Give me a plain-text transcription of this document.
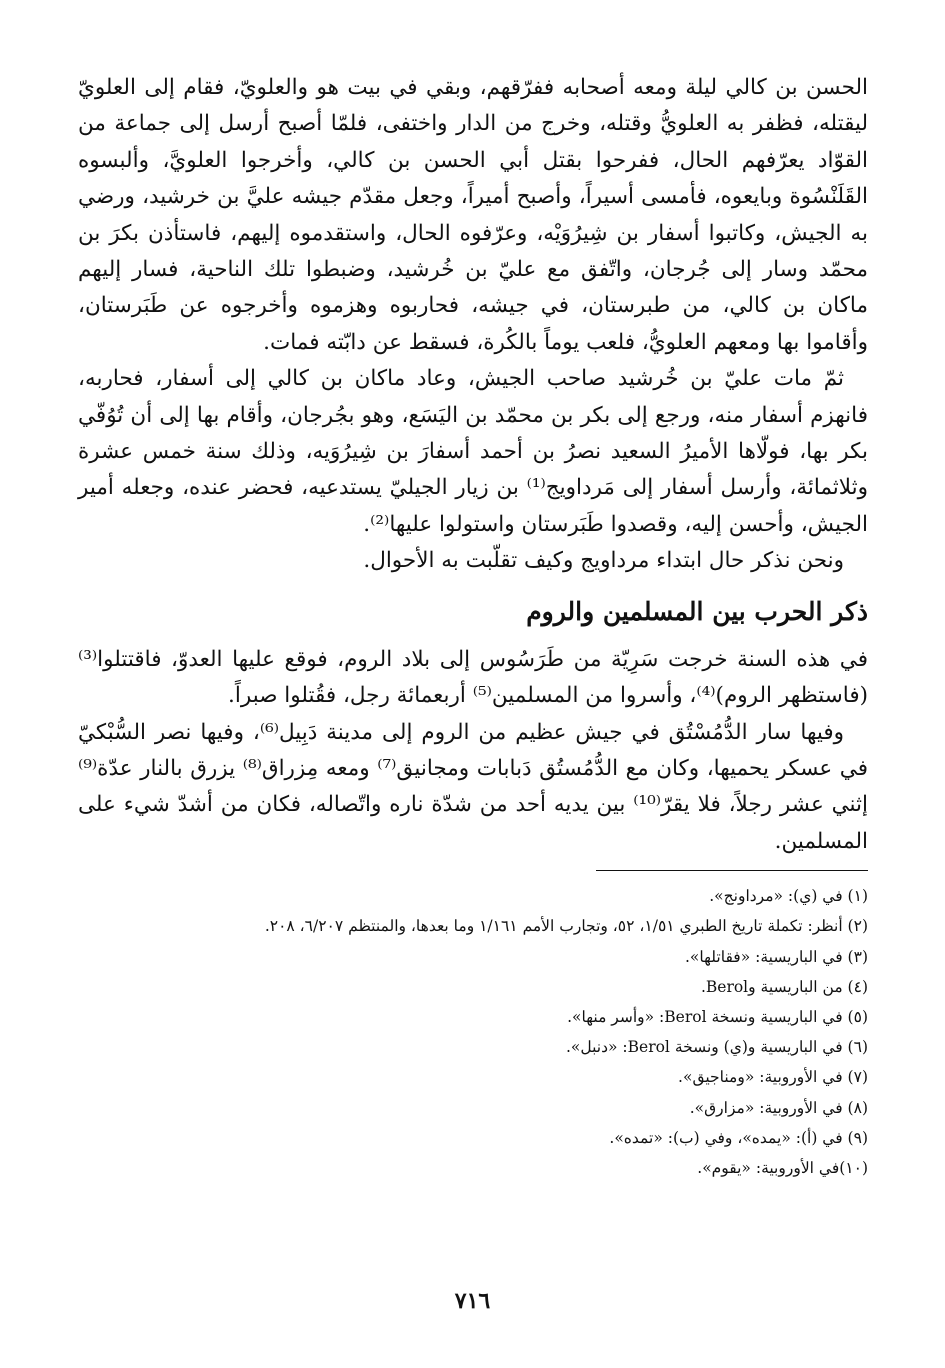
الحسن بن كالي ليلة ومعه أصحابه ففرّقهم، وبقي في بيت هو والعلويّ، فقام إلى العلويّ ليقتله، فظفر به العلويُّ وقتله، وخرج من الدار واختفى، فلمّا أصبح أرسل إلى جماعة من القوّاد يعرّفهم الحال، ففرحوا بقتل أبي الحسن بن كالي، وأخرجوا العلويَّ، وألبسوه القَلَنْسُوة وبايعوه، فأمسى أسيراً، وأصبح أميراً، وجعل مقدّم جيشه عليَّ بن خرشيد، ورضي به الجيش، وكاتبوا أسفار بن شِيرُوَيْه، وعرّفوه الحال، واستقدموه إليهم، فاستأذن بكرَ بن محمّد وسار إلى جُرجان، واتّفق مع عليّ بن خُرشيد، وضبطوا تلك الناحية، فسار إليهم ماكان بن كالي، من طبرستان، في جيشه، فحاربوه وهزموه وأخرجوه عن طَبَرستان، وأقاموا بها ومعهم العلويُّ، فلعب يوماً بالكُرة، فسقط عن دابّته فمات.

ثمّ مات عليّ بن خُرشيد صاحب الجيش، وعاد ماكان بن كالي إلى أسفار، فحاربه، فانهزم أسفار منه، ورجع إلى بكر بن محمّد بن اليَسَع، وهو بجُرجان، وأقام بها إلى أن تُوُفّي بكر بها، فولّاها الأميرُ السعيد نصرُ بن أحمد أسفارَ بن شِيرُوَيه، وذلك سنة خمس عشرة وثلاثمائة، وأرسل أسفار إلى مَرداويج⁽¹⁾ بن زيار الجيليّ يستدعيه، فحضر عنده، وجعله أمير الجيش، وأحسن إليه، وقصدوا طَبَرستان واستولوا عليها⁽²⁾.

ونحن نذكر حال ابتداء مرداويج وكيف تقلّبت به الأحوال.

ذكر الحرب بين المسلمين والروم

في هذه السنة خرجت سَرِيّة من طَرَسُوس إلى بلاد الروم، فوقع عليها العدوّ، فاقتتلوا⁽³⁾ (فاستظهر الروم)⁽⁴⁾، وأسروا من المسلمين⁽⁵⁾ أربعمائة رجل، فقُتلوا صبراً.

وفيها سار الدُّمُسْتُق في جيش عظيم من الروم إلى مدينة دَبِيل⁽⁶⁾، وفيها نصر السُّبْكيّ في عسكر يحميها، وكان مع الدُّمُستُق دَبابات ومجانيق⁽⁷⁾ ومعه مِزراق⁽⁸⁾ يزرق بالنار عدّة⁽⁹⁾ إثني عشر رجلاً، فلا يقرّ⁽¹⁰⁾ بين يديه أحد من شدّة ناره واتّصاله، فكان من أشدّ شيء على المسلمين.

(١) في (ي): «مرداونج».

(٢) أنظر: تكملة تاريخ الطبري ١/٥١، ٥٢، وتجارب الأمم ١/١٦١ وما بعدها، والمنتظم ٦/٢٠٧، ٢٠٨.

(٣) في الباريسية: «فقاتلها».

(٤) من الباريسية وBerol.

(٥) في الباريسية ونسخة Berol: «وأسر منها».

(٦) في الباريسية و(ي) ونسخة Berol: «دنبل».

(٧) في الأوروبية: «ومناجيق».

(٨) في الأوروبية: «مزارق».

(٩) في (أ): «يمده»، وفي (ب): «تمده».

(١٠)في الأوروبية: «يقوم».

٧١٦
